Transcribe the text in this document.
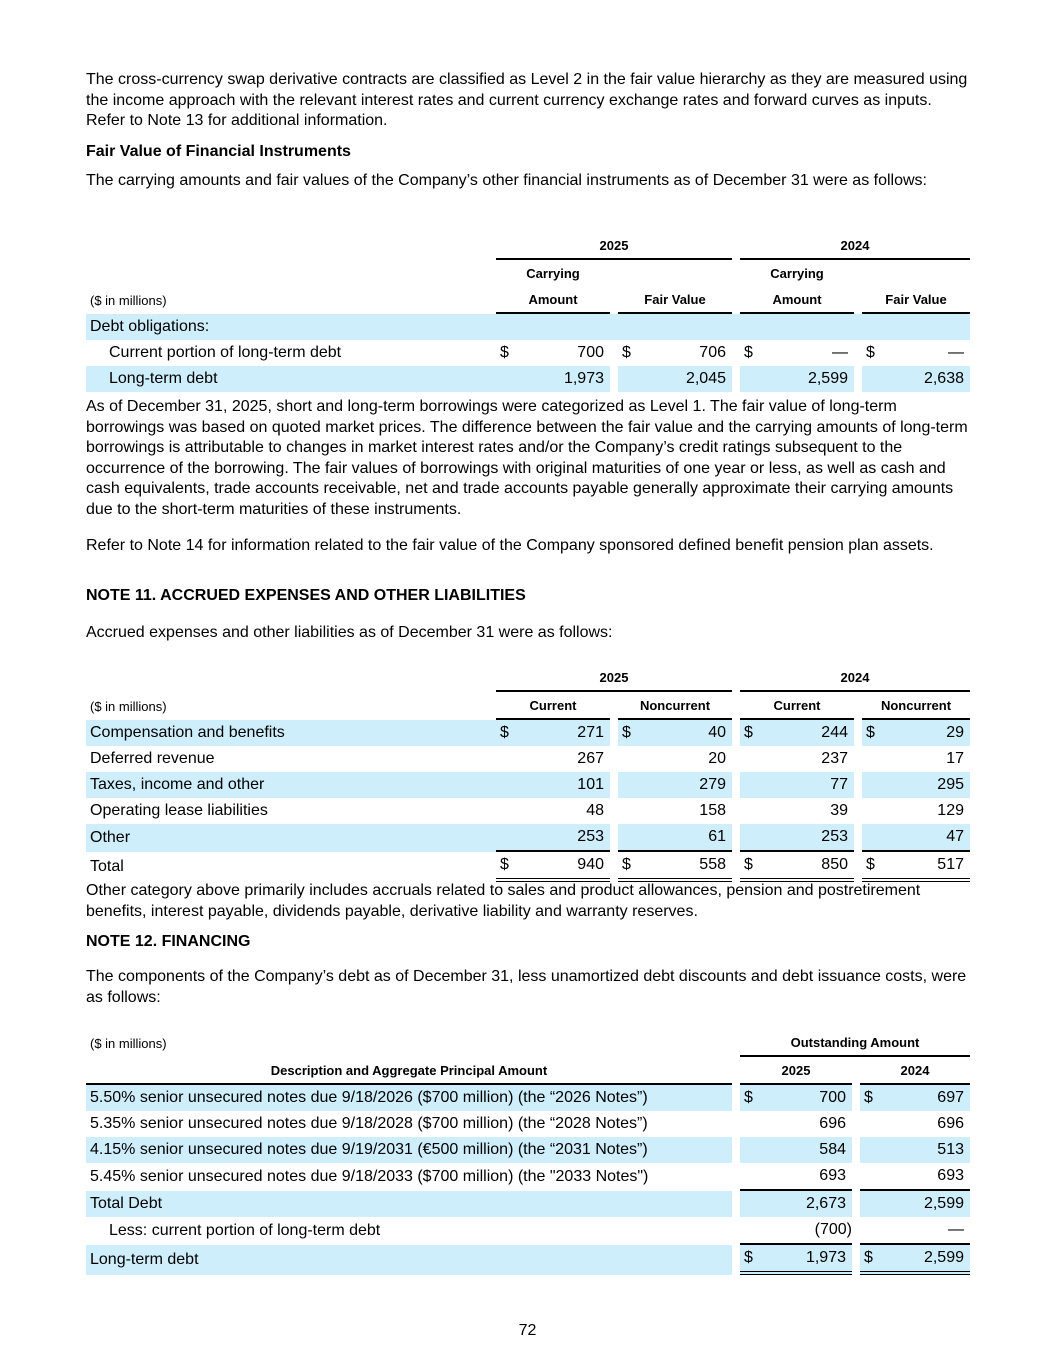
The cross-currency swap derivative contracts are classified as Level 2 in the fair value hierarchy as they are measured using the income approach with the relevant interest rates and current currency exchange rates and forward curves as inputs. Refer to Note 13 for additional information.

Fair Value of Financial Instruments

The carrying amounts and fair values of the Company’s other financial instruments as of December 31 were as follows:

	2025						2024				
	Carrying						Carrying				
($ in millions)	Amount			Fair Value			Amount			Fair Value	
Debt obligations:											
Current portion of long-term debt	$	700		$	706		$	—		$	—
Long-term debt		1,973			2,045			2,599			2,638

As of December 31, 2025, short and long-term borrowings were categorized as Level 1. The fair value of long-term borrowings was based on quoted market prices. The difference between the fair value and the carrying amounts of long-term borrowings is attributable to changes in market interest rates and/or the Company’s credit ratings subsequent to the occurrence of the borrowing. The fair values of borrowings with original maturities of one year or less, as well as cash and cash equivalents, trade accounts receivable, net and trade accounts payable generally approximate their carrying amounts due to the short-term maturities of these instruments.

Refer to Note 14 for information related to the fair value of the Company sponsored defined benefit pension plan assets.

NOTE 11. ACCRUED EXPENSES AND OTHER LIABILITIES

Accrued expenses and other liabilities as of December 31 were as follows:

	2025						2024				
($ in millions)	Current			Noncurrent			Current			Noncurrent	
Compensation and benefits	$	271		$	40		$	244		$	29
Deferred revenue		267			20			237			17
Taxes, income and other		101			279			77			295
Operating lease liabilities		48			158			39			129
Other		253			61			253			47
Total	$	940		$	558		$	850		$	517

Other category above primarily includes accruals related to sales and product allowances, pension and postretirement benefits, interest payable, dividends payable, derivative liability and warranty reserves.

NOTE 12. FINANCING

The components of the Company’s debt as of December 31, less unamortized debt discounts and debt issuance costs, were as follows:

($ in millions)		Outstanding Amount				
Description and Aggregate Principal Amount		2025			2024	
5.50% senior unsecured notes due 9/18/2026 ($700 million) (the “2026 Notes”)		$	700		$	697
5.35% senior unsecured notes due 9/18/2028 ($700 million) (the “2028 Notes”)			696			696
4.15% senior unsecured notes due 9/19/2031 (€500 million) (the “2031 Notes”)			584			513
5.45% senior unsecured notes due 9/18/2033 ($700 million) (the "2033 Notes")			693			693
Total Debt			2,673			2,599
Less: current portion of long-term debt			(700)			—
Long-term debt		$	1,973		$	2,599
72
